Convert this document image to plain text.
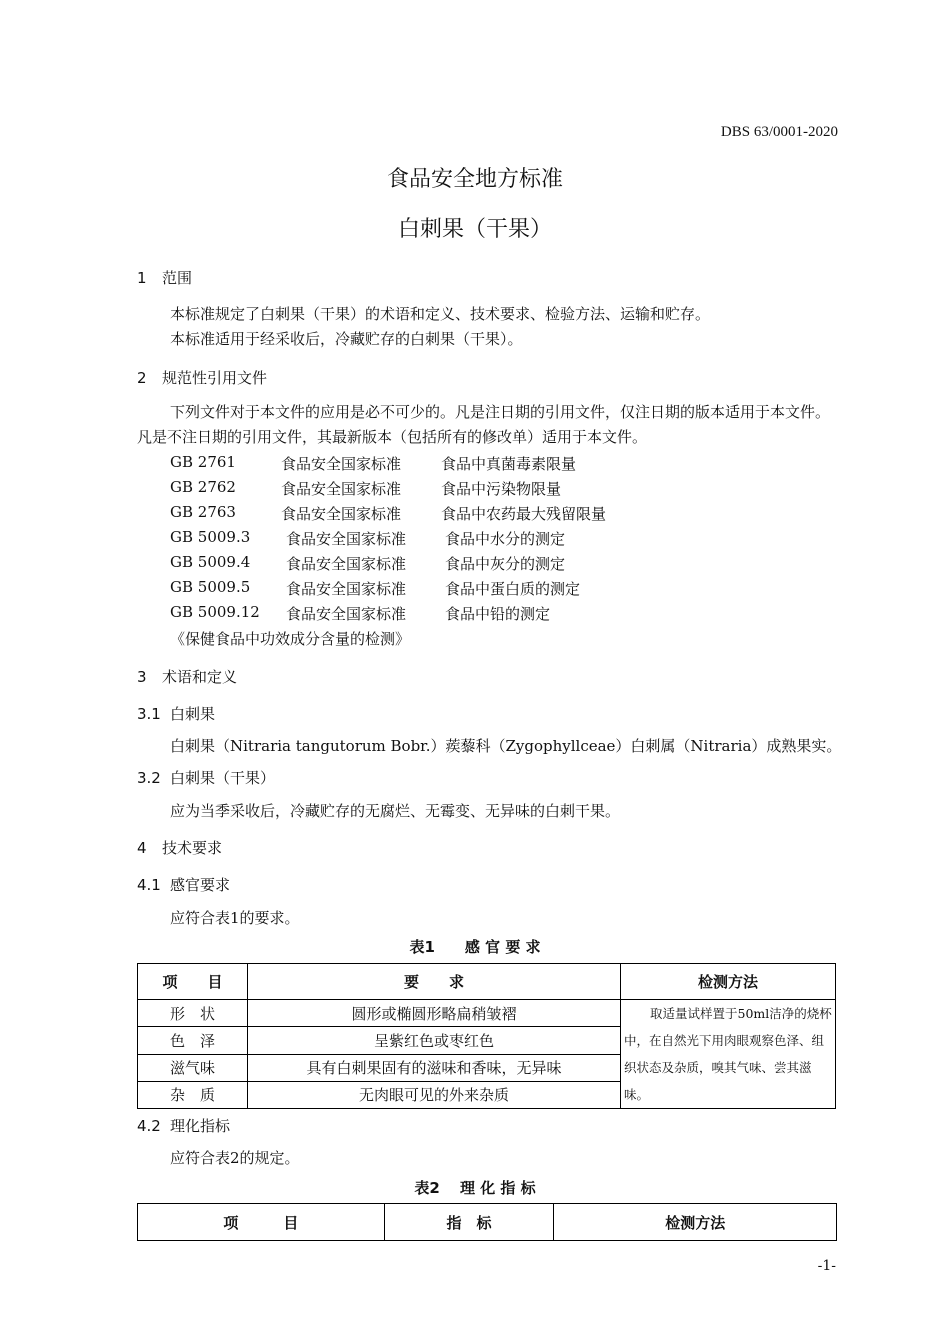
DBS 63/0001-2020
食品安全地方标准
白刺果（干果）
1 范围
本标准规定了白刺果（干果）的术语和定义、技术要求、检验方法、运输和贮存。
本标准适用于经采收后，冷藏贮存的白刺果（干果）。
2 规范性引用文件
下列文件对于本文件的应用是必不可少的。凡是注日期的引用文件，仅注日期的版本适用于本文件。凡是不注日期的引用文件，其最新版本（包括所有的修改单）适用于本文件。
GB 2761	食品安全国家标准	食品中真菌毒素限量
GB 2762	食品安全国家标准	食品中污染物限量
GB 2763	食品安全国家标准	食品中农药最大残留限量
GB 5009.3 食品安全国家标准	食品中水分的测定
GB 5009.4 食品安全国家标准	食品中灰分的测定
GB 5009.5 食品安全国家标准	食品中蛋白质的测定
GB 5009.12 食品安全国家标准	食品中铅的测定
《保健食品中功效成分含量的检测》
3 术语和定义
3.1 白刺果
白刺果（Nitraria tangutorum Bobr.）蒺藜科（Zygophyllceae）白刺属（Nitraria）成熟果实。
3.2 白刺果（干果）
应为当季采收后，冷藏贮存的无腐烂、无霉变、无异味的白刺干果。
4 技术要求
4.1 感官要求
应符合表1的要求。
表1　　感 官 要 求
项　　目	要　　求	检测方法
形　状	圆形或椭圆形略扁稍皱褶	取适量试样置于50ml洁净的烧杯中，在自然光下用肉眼观察色泽、组织状态及杂质，嗅其气味、尝其滋味。
色　泽	呈紫红色或枣红色	
滋气味	具有白刺果固有的滋味和香味，无异味	
杂　质	无肉眼可见的外来杂质	
4.2 理化指标
应符合表2的规定。
表2　 理 化 指 标
项　　　目	指　标	检测方法
-1-
